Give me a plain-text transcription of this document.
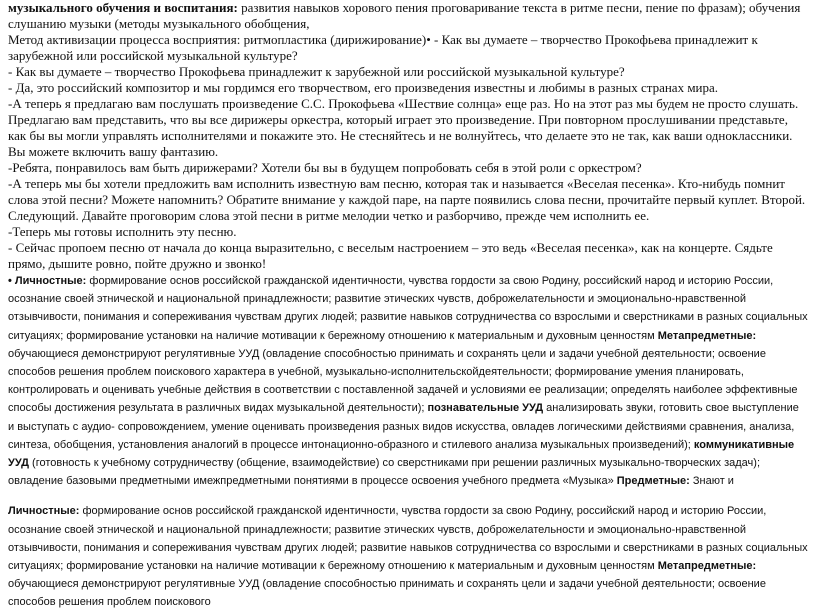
музыкального обучения и воспитания: развития навыков хорового пения проговаривание текста в ритме песни, пение по фразам); обучения слушанию музыки (методы музыкального обобщения,

Метод активизации процесса восприятия: ритмопластика (дирижирование)• - Как вы думаете – творчество Прокофьева принадлежит к зарубежной или российской музыкальной культуре?

- Как вы думаете – творчество Прокофьева принадлежит к зарубежной или российской музыкальной культуре?

- Да, это российский композитор и мы гордимся его творчеством, его произведения известны и любимы в разных странах мира.

-А теперь я предлагаю вам послушать произведение С.С. Прокофьева «Шествие солнца» еще раз. Но на этот раз мы будем не просто слушать. Предлагаю вам представить, что вы все дирижеры оркестра, который играет это произведение. При повторном прослушивании представьте, как бы вы могли управлять исполнителями и покажите это. Не стесняйтесь и не волнуйтесь, что делаете это не так, как ваши одноклассники. Вы можете включить вашу фантазию.

-Ребята, понравилось вам быть дирижерами? Хотели бы вы в будущем попробовать себя в этой роли с оркестром?

-А теперь мы бы хотели предложить вам исполнить известную вам песню, которая так и называется «Веселая песенка». Кто-нибудь помнит слова этой песни? Можете напомнить? Обратите внимание у каждой паре, на парте появились слова песни, прочитайте первый куплет. Второй. Следующий. Давайте проговорим слова этой песни в ритме мелодии четко и разборчиво, прежде чем исполнить ее.

-Теперь мы готовы исполнить эту песню.

- Сейчас пропоем песню от начала до конца выразительно, с веселым настроением – это ведь «Веселая песенка», как на концерте. Сядьте прямо, дышите ровно, пойте дружно и звонко!

• Личностные: формирование основ российской гражданской идентичности, чувства гордости за свою Родину, российский народ и историю России, осознание своей этнической и национальной принадлежности; развитие этических чувств, доброжелательности и эмоционально-нравственной отзывчивости, понимания и сопереживания чувствам других людей; развитие навыков сотрудничества со взрослыми и сверстниками в разных социальных ситуациях; формирование установки на наличие мотивации к бережному отношению к материальным и духовным ценностям Метапредметные: обучающиеся демонстрируют регулятивные УУД (овладение способностью принимать и сохранять цели и задачи учебной деятельности; освоение способов решения проблем поискового характера в учебной, музыкально-исполнительскойдеятельности; формирование умения планировать, контролировать и оценивать учебные действия в соответствии с поставленной задачей и условиями ее реализации; определять наиболее эффективные способы достижения результата в различных видах музыкальной деятельности); познавательные УУД анализировать звуки, готовить свое выступление и выступать с аудио- сопровождением, умение оценивать произведения разных видов искусства, овладев логическими действиями сравнения, анализа, синтеза, обобщения, установления аналогий в процессе интонационно-образного и стилевого анализа музыкальных произведений); коммуникативные УУД (готовность к учебному сотрудничеству (общение, взаимодействие) со сверстниками при решении различных музыкально-творческих задач); овладение базовыми предметными имежпредметными понятиями в процессе освоения учебного предмета «Музыка» Предметные: Знают и

Личностные: формирование основ российской гражданской идентичности, чувства гордости за свою Родину, российский народ и историю России, осознание своей этнической и национальной принадлежности; развитие этических чувств, доброжелательности и эмоционально-нравственной отзывчивости, понимания и сопереживания чувствам других людей; развитие навыков сотрудничества со взрослыми и сверстниками в разных социальных ситуациях; формирование установки на наличие мотивации к бережному отношению к материальным и духовным ценностям Метапредметные: обучающиеся демонстрируют регулятивные УУД (овладение способностью принимать и сохранять цели и задачи учебной деятельности; освоение способов решения проблем поискового
